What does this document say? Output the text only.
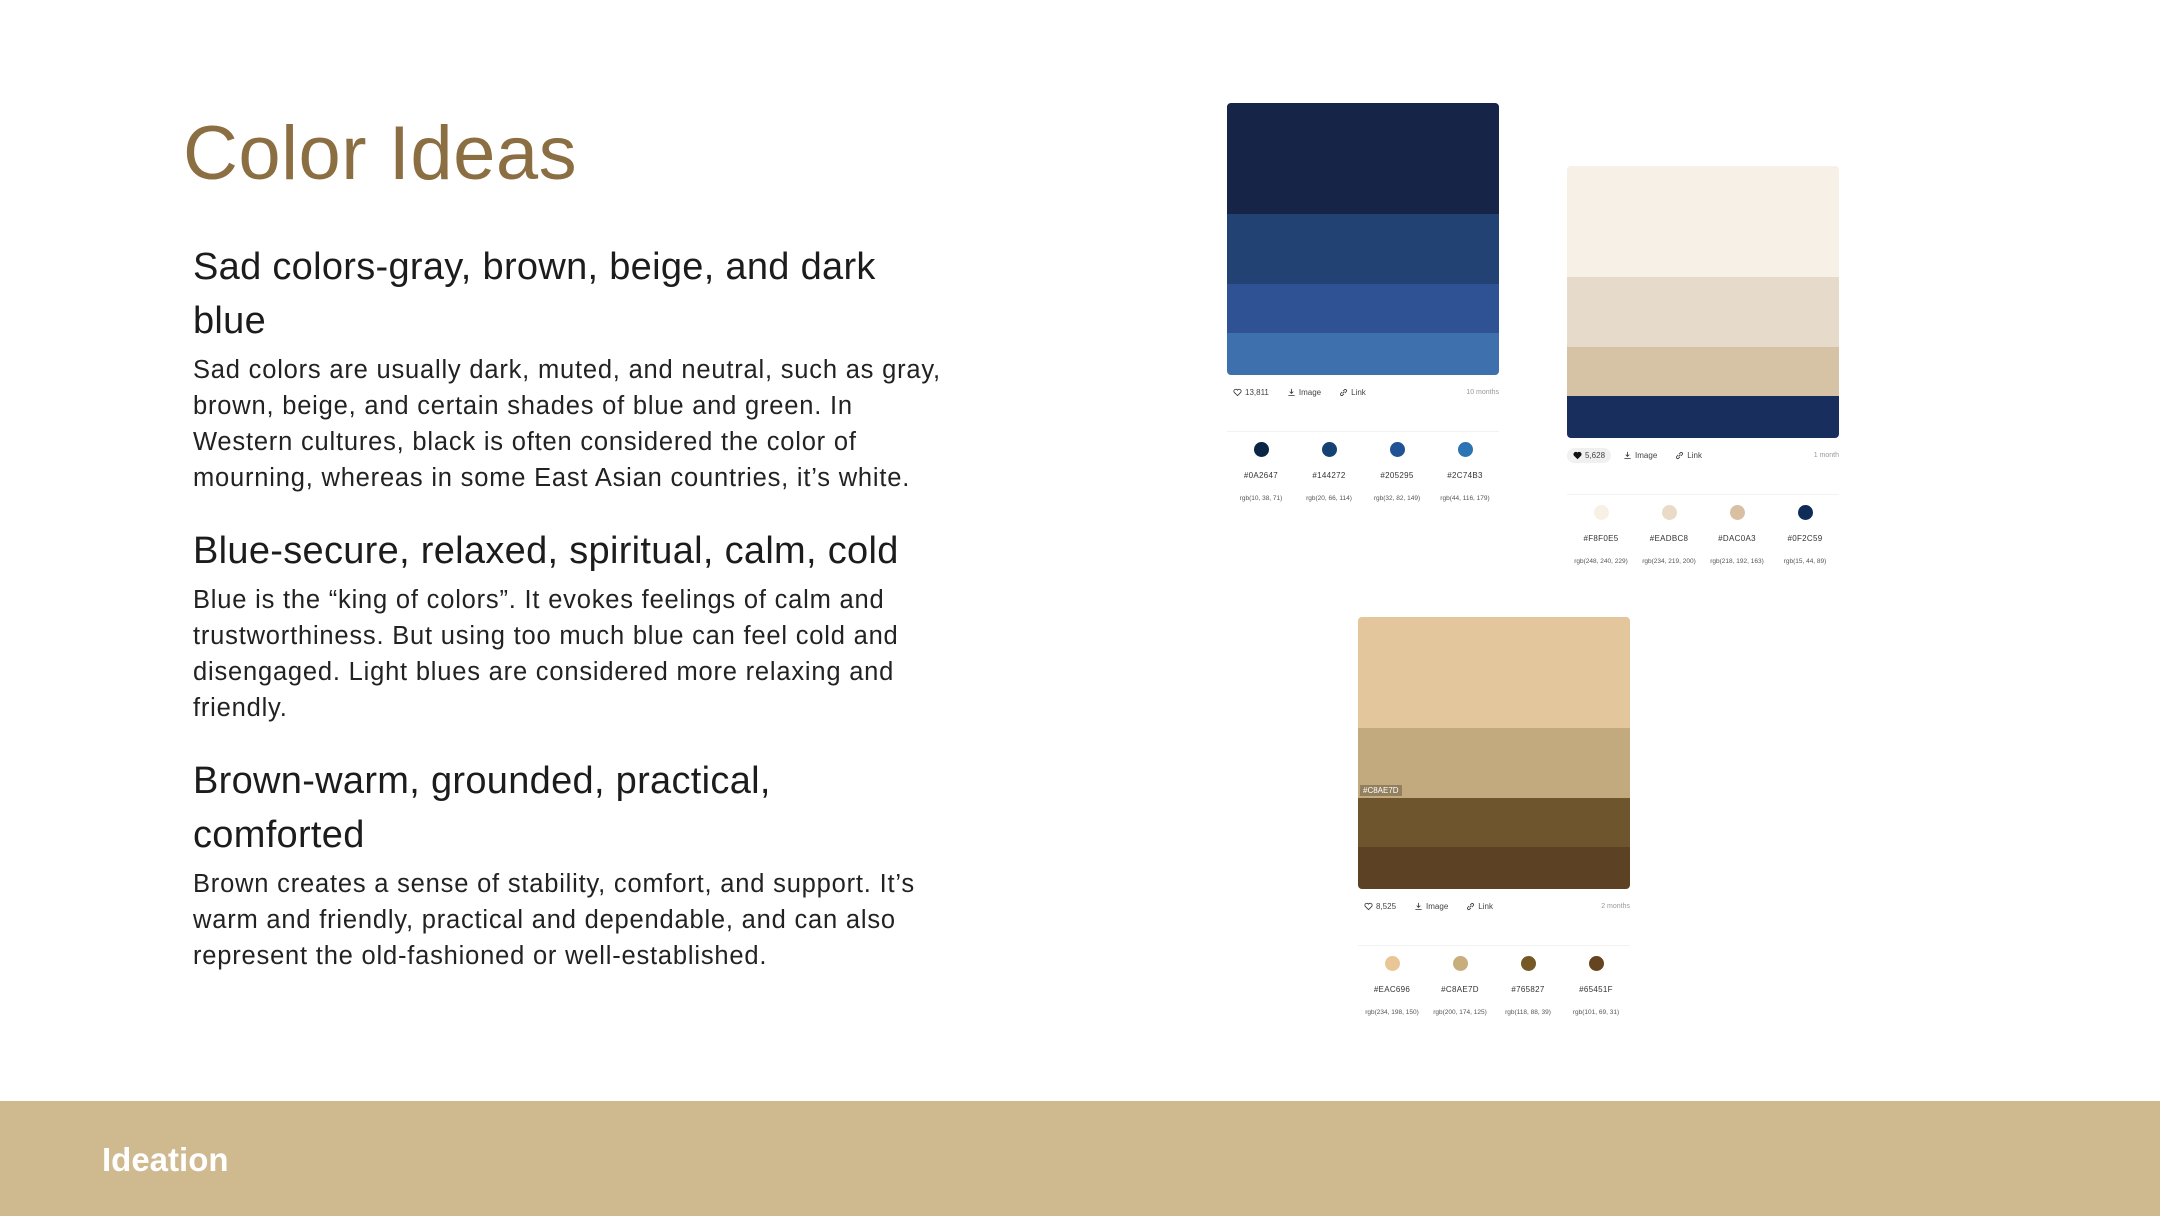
Color Ideas
Sad colors-gray, brown, beige, and dark blue

Sad colors are usually dark, muted, and neutral, such as gray, brown, beige, and certain shades of blue and green. In Western cultures, black is often considered the color of mourning, whereas in some East Asian countries, it’s white.

Blue-secure, relaxed, spiritual, calm, cold

Blue is the “king of colors”. It evokes feelings of calm and trustworthiness. But using too much blue can feel cold and disengaged. Light blues are considered more relaxing and friendly.

Brown-warm, grounded, practical, comforted

Brown creates a sense of stability, comfort, and support. It’s warm and friendly, practical and dependable, and can also represent the old-fashioned or well-established.

13,811	Image	Link	10 months
#0A2647
rgb(10, 38, 71)
#144272
rgb(20, 66, 114)
#205295
rgb(32, 82, 149)
#2C74B3
rgb(44, 116, 179)
5,628	Image	Link	1 month
#F8F0E5
rgb(248, 240, 229)
#EADBC8
rgb(234, 219, 200)
#DAC0A3
rgb(218, 192, 163)
#0F2C59
rgb(15, 44, 89)
#C8AE7D
8,525	Image	Link	2 months
#EAC696
rgb(234, 198, 150)
#C8AE7D
rgb(200, 174, 125)
#765827
rgb(118, 88, 39)
#65451F
rgb(101, 69, 31)
Ideation
